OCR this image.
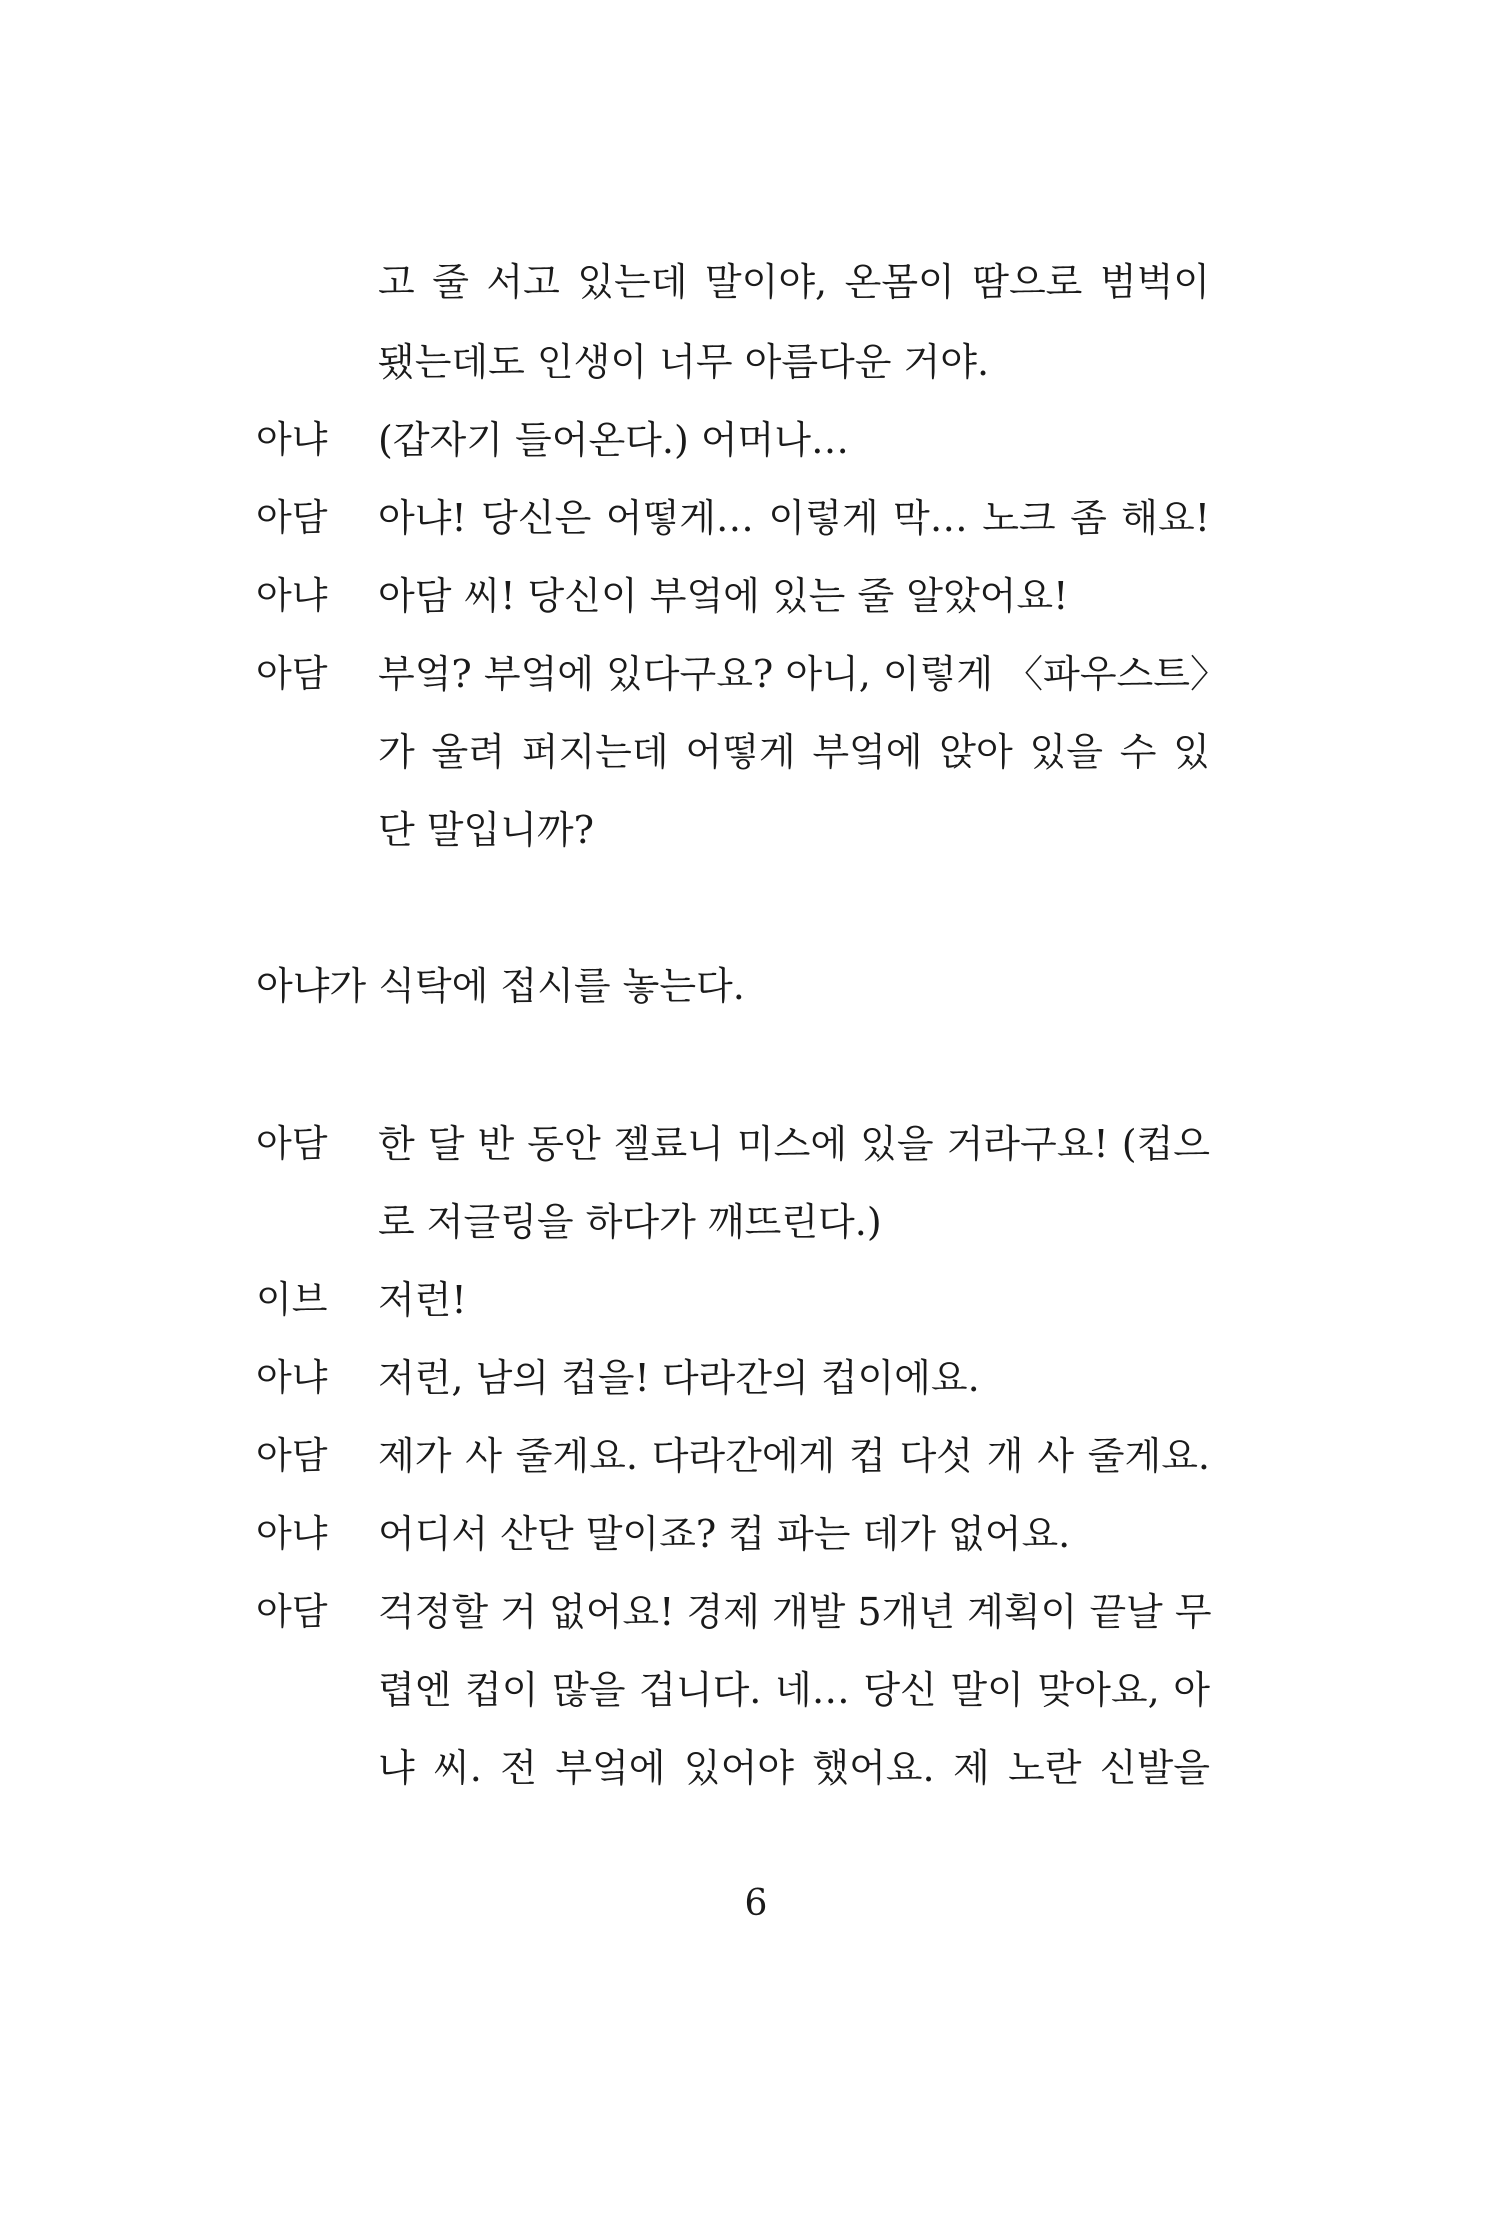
고 줄 서고 있는데 말이야, 온몸이 땀으로 범벅이
됐는데도 인생이 너무 아름다운 거야.
아냐 (갑자기 들어온다.) 어머나…
아담 아냐! 당신은 어떻게… 이렇게 막… 노크 좀 해요!
아냐 아담 씨! 당신이 부엌에 있는 줄 알았어요!
아담 부엌? 부엌에 있다구요? 아니, 이렇게 〈파우스트〉
가 울려 퍼지는데 어떻게 부엌에 앉아 있을 수 있
단 말입니까?
아냐가 식탁에 접시를 놓는다.
아담 한 달 반 동안 젤료니 미스에 있을 거라구요! (컵으
로 저글링을 하다가 깨뜨린다.)
이브 저런!
아냐 저런, 남의 컵을! 다라간의 컵이에요.
아담 제가 사 줄게요. 다라간에게 컵 다섯 개 사 줄게요.
아냐 어디서 산단 말이죠? 컵 파는 데가 없어요.
아담 걱정할 거 없어요! 경제 개발 5개년 계획이 끝날 무
렵엔 컵이 많을 겁니다. 네… 당신 말이 맞아요, 아
냐 씨. 전 부엌에 있어야 했어요. 제 노란 신발을
6
